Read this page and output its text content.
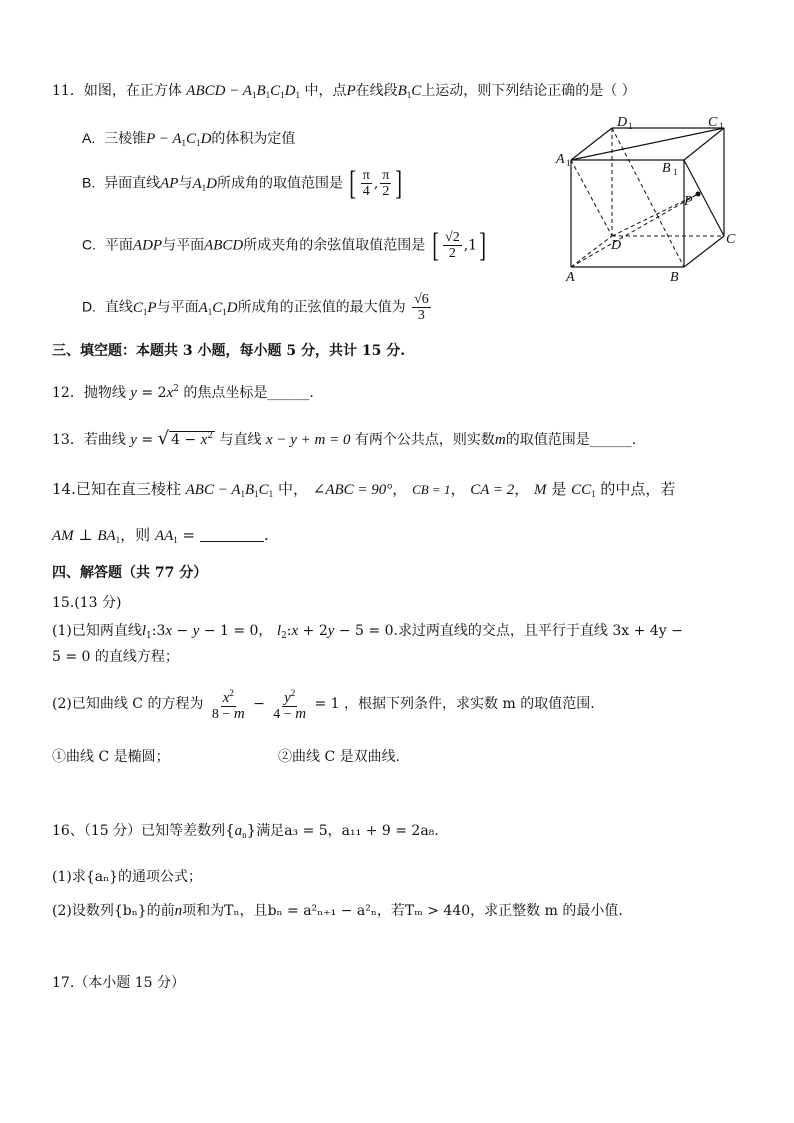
11．如图，在正方体 ABCD − $A_1B_1C_1D_1$ 中，点P在线段$B_1C$上运动，则下列结论正确的是（ ）
A. 三棱锥$P - A_1C_1D$的体积为定值
B. 异面直线AP与$A_1D$所成角的取值范围是 [ $\frac{\pi}{4}$ , $\frac{\pi}{2}$ ]
C. 平面ADP与平面ABCD所成夹角的余弦值取值范围是 [ $\frac{√2}{2} ,1$]
D. 直线$C_1P$与平面$A_1C_1D$所成角的正弦值的最大值为 $\frac{√6}{3}$
D 1	C 1
A 1	B 1
P
D	C
A	B
三、填空题：本题共 3 小题，每小题 5 分，共计 15 分.
12．抛物线 $y = 2x^2$ 的焦点坐标是______.
13．若曲线 y = √ $4 - x^2$ 与直线 x − y + m = 0 有两个公共点，则实数m的取值范围是______.
14.已知在直三棱柱 ABC − $A_1B_1C_1$ 中， ∠ABC = 90°， CB = 1， CA = 2， M 是 $CC_1$ 的中点，若
AM ⊥ $BA_1$，则 $AA_1$ =	.
四、解答题（共 77 分）
15.(13 分)
(1)已知两直线$l_1:3x - y - 1 = 0$， $l_2:x + 2y - 5 = 0$.求过两直线的交点，且平行于直线 3x + 4y −
5 = 0 的直线方程；
(2)已知曲线 C 的方程为 $\frac{x^2}{8 - m} - \frac{y^2}{4 - m} = 1$ ，根据下列条件，求实数 m 的取值范围.
①曲线 C 是椭圆；	②曲线 C 是双曲线.
16、（15 分）已知等差数列$\{a_n\}$满足a₃ = 5，a₁₁ + 9 = 2a₈.
(1)求{aₙ}的通项公式；
(2)设数列{bₙ}的前n项和为Tₙ，且bₙ = a²ₙ₊₁ − a²ₙ，若Tₘ > 440，求正整数 m 的最小值.
17.（本小题 15 分）
